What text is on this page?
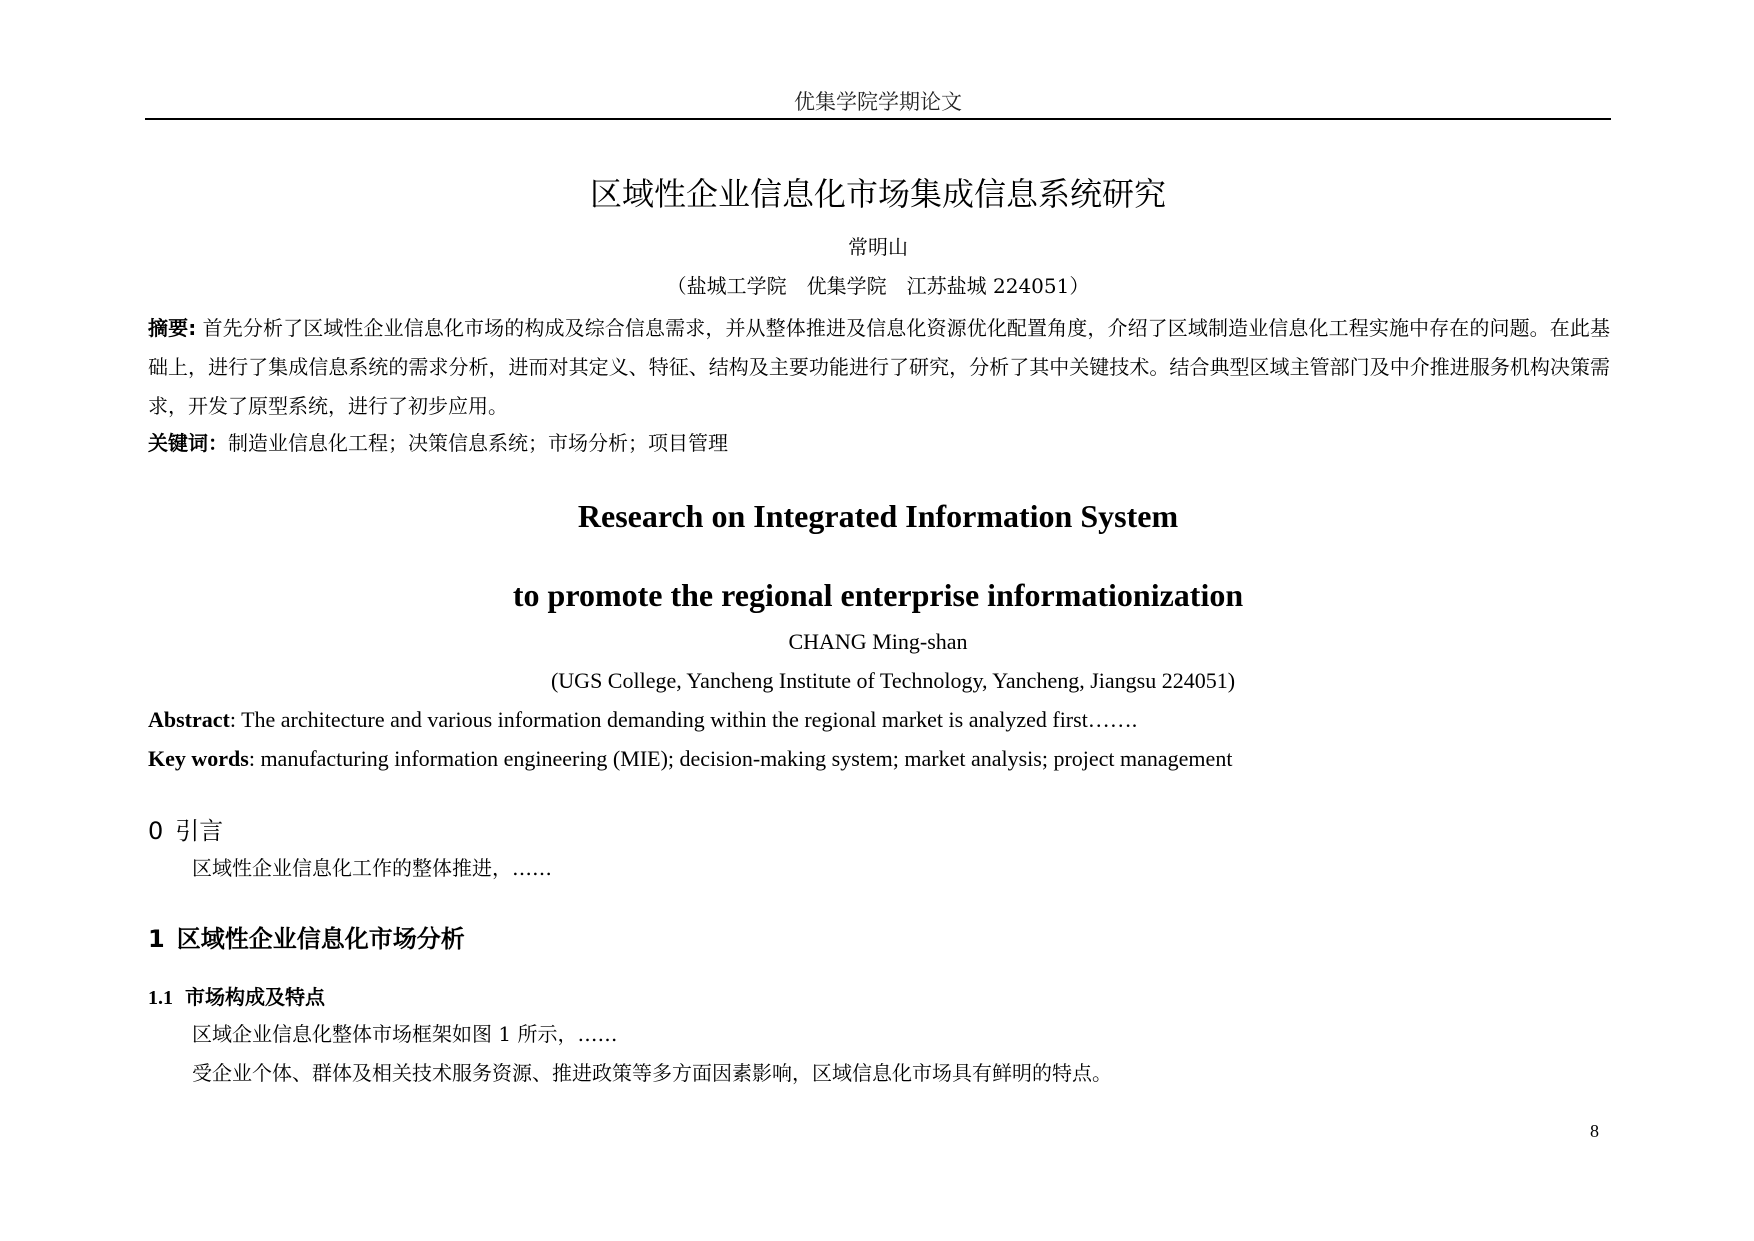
优集学院学期论文
区域性企业信息化市场集成信息系统研究
常明山
（盐城工学院　优集学院　江苏盐城 224051）
摘要: 首先分析了区域性企业信息化市场的构成及综合信息需求，并从整体推进及信息化资源优化配置角度，介绍了区域制造业信息化工程实施中存在的问题。在此基础上，进行了集成信息系统的需求分析，进而对其定义、特征、结构及主要功能进行了研究，分析了其中关键技术。结合典型区域主管部门及中介推进服务机构决策需求，开发了原型系统，进行了初步应用。
关键词：制造业信息化工程；决策信息系统；市场分析；项目管理
Research on Integrated Information System
to promote the regional enterprise informationization
CHANG Ming-shan
(UGS College, Yancheng Institute of Technology, Yancheng, Jiangsu 224051)
Abstract: The architecture and various information demanding within the regional market is analyzed first…….
Key words: manufacturing information engineering (MIE); decision-making system; market analysis; project management
0 引言
区域性企业信息化工作的整体推进，……
1 区域性企业信息化市场分析
1.1 市场构成及特点
区域企业信息化整体市场框架如图 1 所示，……
受企业个体、群体及相关技术服务资源、推进政策等多方面因素影响，区域信息化市场具有鲜明的特点。
8
